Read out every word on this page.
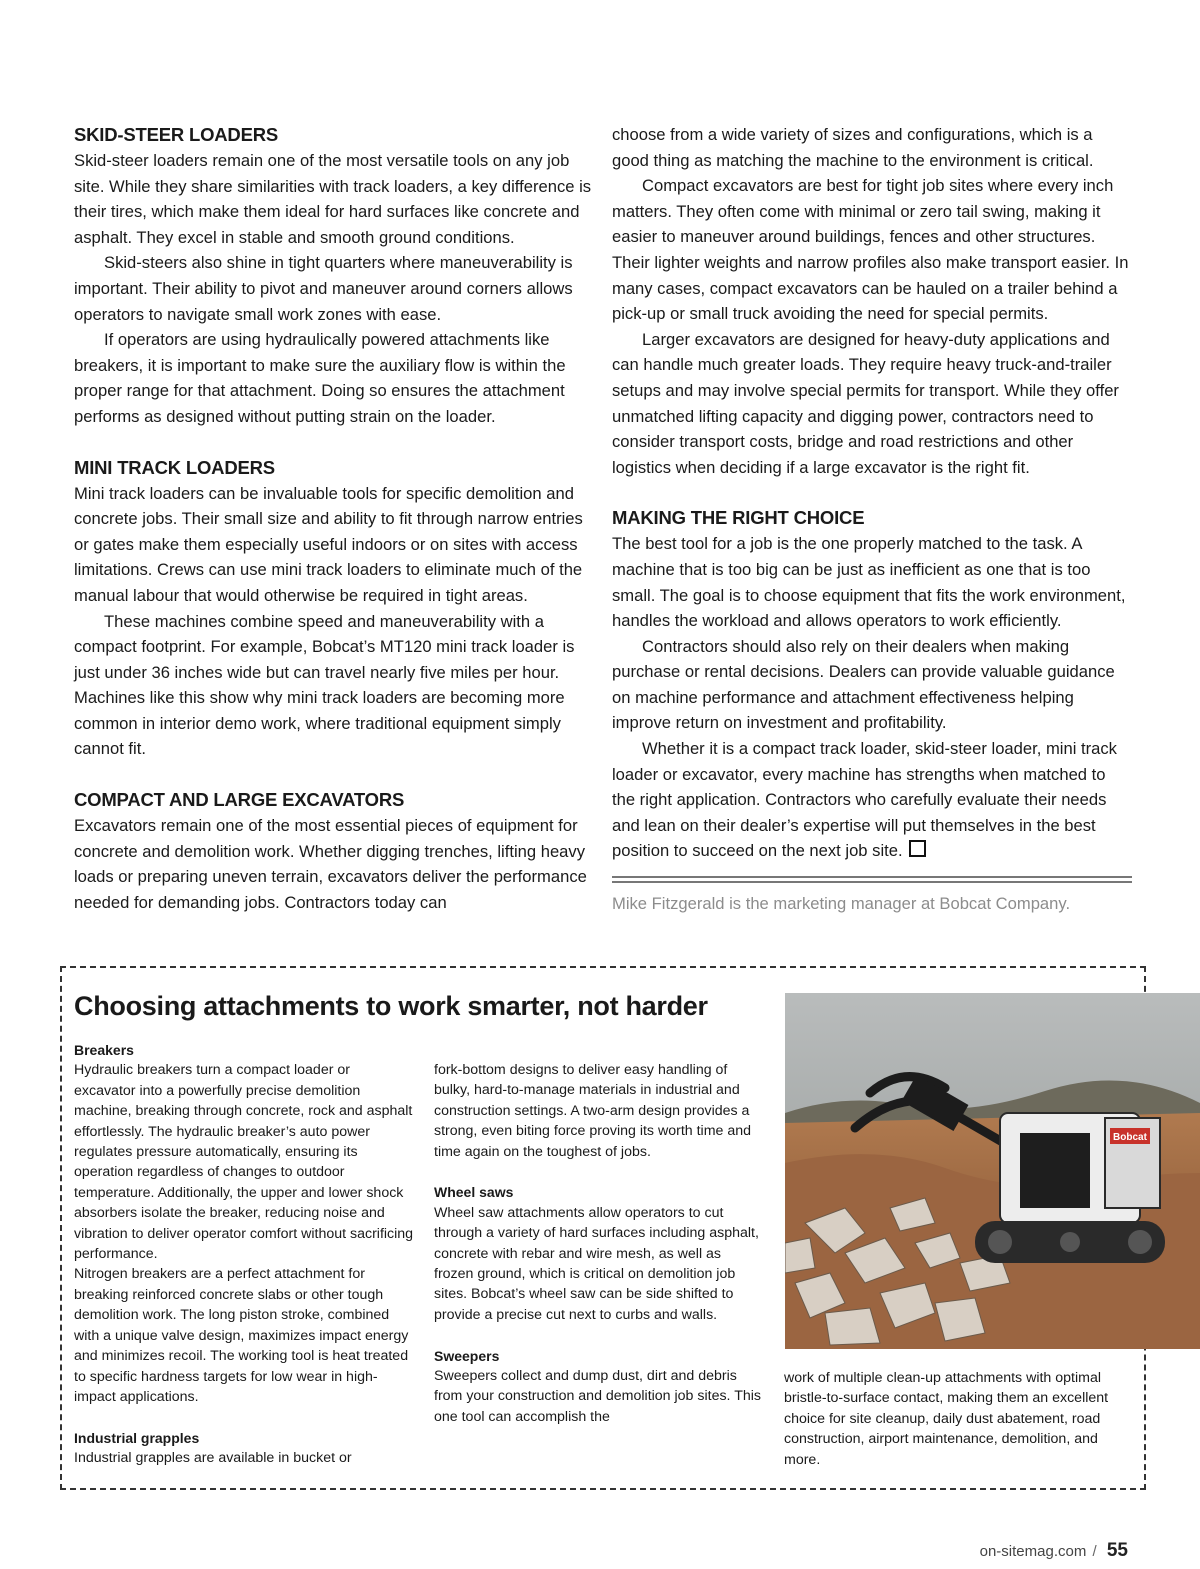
SKID-STEER LOADERS

Skid-steer loaders remain one of the most versatile tools on any job site. While they share similarities with track loaders, a key difference is their tires, which make them ideal for hard surfaces like concrete and asphalt. They excel in stable and smooth ground conditions.

Skid-steers also shine in tight quarters where maneuverability is important. Their ability to pivot and maneuver around corners allows operators to navigate small work zones with ease.

If operators are using hydraulically powered attachments like breakers, it is important to make sure the auxiliary flow is within the proper range for that attachment. Doing so ensures the attachment performs as designed without putting strain on the loader.

MINI TRACK LOADERS

Mini track loaders can be invaluable tools for specific demolition and concrete jobs. Their small size and ability to fit through narrow entries or gates make them especially useful indoors or on sites with access limitations. Crews can use mini track loaders to eliminate much of the manual labour that would otherwise be required in tight areas.

These machines combine speed and maneuverability with a compact footprint. For example, Bobcat’s MT120 mini track loader is just under 36 inches wide but can travel nearly five miles per hour. Machines like this show why mini track loaders are becoming more common in interior demo work, where traditional equipment simply cannot fit.

COMPACT AND LARGE EXCAVATORS

Excavators remain one of the most essential pieces of equipment for concrete and demolition work. Whether digging trenches, lifting heavy loads or preparing uneven terrain, excavators deliver the performance needed for demanding jobs. Contractors today can

choose from a wide variety of sizes and configurations, which is a good thing as matching the machine to the environment is critical.

Compact excavators are best for tight job sites where every inch matters. They often come with minimal or zero tail swing, making it easier to maneuver around buildings, fences and other structures. Their lighter weights and narrow profiles also make transport easier. In many cases, compact excavators can be hauled on a trailer behind a pick-up or small truck avoiding the need for special permits.

Larger excavators are designed for heavy-duty applications and can handle much greater loads. They require heavy truck-and-trailer setups and may involve special permits for transport. While they offer unmatched lifting capacity and digging power, contractors need to consider transport costs, bridge and road restrictions and other logistics when deciding if a large excavator is the right fit.

MAKING THE RIGHT CHOICE

The best tool for a job is the one properly matched to the task. A machine that is too big can be just as inefficient as one that is too small. The goal is to choose equipment that fits the work environment, handles the workload and allows operators to work efficiently.

Contractors should also rely on their dealers when making purchase or rental decisions. Dealers can provide valuable guidance on machine performance and attachment effectiveness helping improve return on investment and profitability.

Whether it is a compact track loader, skid-steer loader, mini track loader or excavator, every machine has strengths when matched to the right application. Contractors who carefully evaluate their needs and lean on their dealer’s expertise will put themselves in the best position to succeed on the next job site.

Mike Fitzgerald is the marketing manager at Bobcat Company.

Choosing attachments to work smarter, not harder
Breakers

Hydraulic breakers turn a compact loader or excavator into a powerfully precise demolition machine, breaking through concrete, rock and asphalt effortlessly. The hydraulic breaker’s auto power regulates pressure automatically, ensuring its operation regardless of changes to outdoor temperature. Additionally, the upper and lower shock absorbers isolate the breaker, reducing noise and vibration to deliver operator comfort without sacrificing performance.

Nitrogen breakers are a perfect attachment for breaking reinforced concrete slabs or other tough demolition work. The long piston stroke, combined with a unique valve design, maximizes impact energy and minimizes recoil. The working tool is heat treated to specific hardness targets for low wear in high-impact applications.

Industrial grapples

Industrial grapples are available in bucket or

fork-bottom designs to deliver easy handling of bulky, hard-to-manage materials in industrial and construction settings. A two-arm design provides a strong, even biting force proving its worth time and time again on the toughest of jobs.

Wheel saws

Wheel saw attachments allow operators to cut through a variety of hard surfaces including asphalt, concrete with rebar and wire mesh, as well as frozen ground, which is critical on demolition job sites. Bobcat’s wheel saw can be side shifted to provide a precise cut next to curbs and walls.

Sweepers

Sweepers collect and dump dust, dirt and debris from your construction and demolition job sites. This one tool can accomplish the

work of multiple clean-up attachments with optimal bristle-to-surface contact, making them an excellent choice for site cleanup, daily dust abatement, road construction, airport maintenance, demolition, and more.

Bobcat
on-sitemag.com / 55
